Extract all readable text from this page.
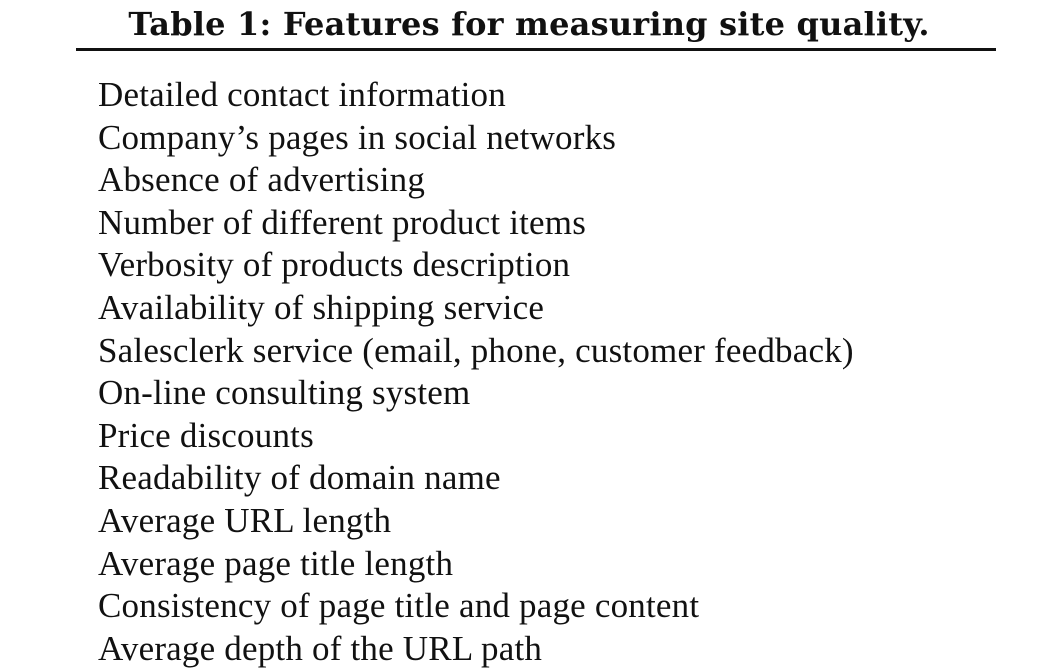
Table 1: Features for measuring site quality.
Detailed contact information
Company’s pages in social networks
Absence of advertising
Number of different product items
Verbosity of products description
Availability of shipping service
Salesclerk service (email, phone, customer feedback)
On-line consulting system
Price discounts
Readability of domain name
Average URL length
Average page title length
Consistency of page title and page content
Average depth of the URL path
